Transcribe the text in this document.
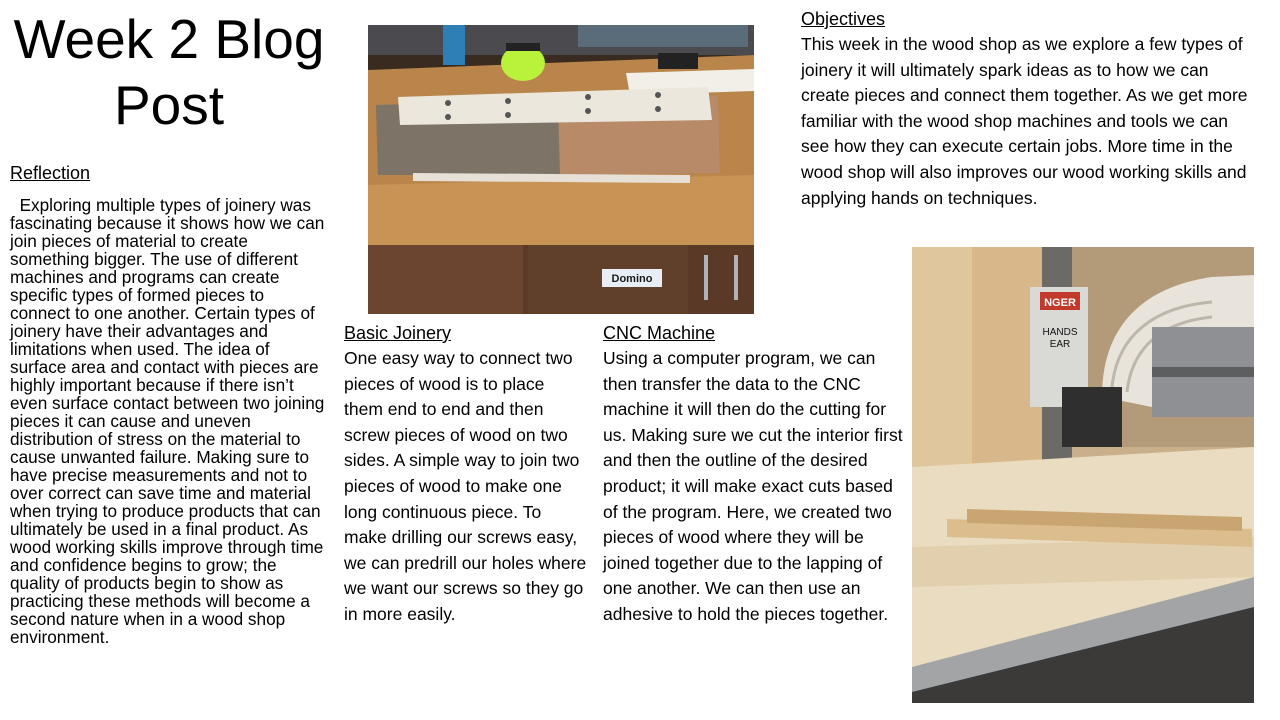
Week 2 Blog Post
Reflection
Exploring multiple types of joinery was fascinating because it shows how we can join pieces of material to create something bigger. The use of different machines and programs can create specific types of formed pieces to connect to one another. Certain types of joinery have their advantages and limitations when used. The idea of surface area and contact with pieces are highly important because if there isn’t even surface contact between two joining pieces it can cause and uneven distribution of stress on the material to cause unwanted failure. Making sure to have precise measurements and not to over correct can save time and material when trying to produce products that can ultimately be used in a final product. As wood working skills improve through time and confidence begins to grow; the quality of products begin to show as practicing these methods will become a second nature when in a wood shop environment.
Domino
Objectives
This week in the wood shop as we explore a few types of joinery it will ultimately spark ideas as to how we can create pieces and connect them together. As we get more familiar with the wood shop machines and tools we can see how they can execute certain jobs. More time in the wood shop will also improves our wood working skills and applying hands on techniques.
Basic Joinery
One easy way to connect two pieces of wood is to place them end to end and then screw pieces of wood on two sides. A simple way to join two pieces of wood to make one long continuous piece. To make drilling our screws easy, we can predrill our holes where we want our screws so they go in more easily.
CNC Machine
Using a computer program, we can then transfer the data to the CNC machine it will then do the cutting for us. Making sure we cut the interior first and then the outline of the desired product; it will make exact cuts based of the program. Here, we created two pieces of wood where they will be joined together due to the lapping of one another. We can then use an adhesive to hold the pieces together.
NGER
HANDS
EAR
